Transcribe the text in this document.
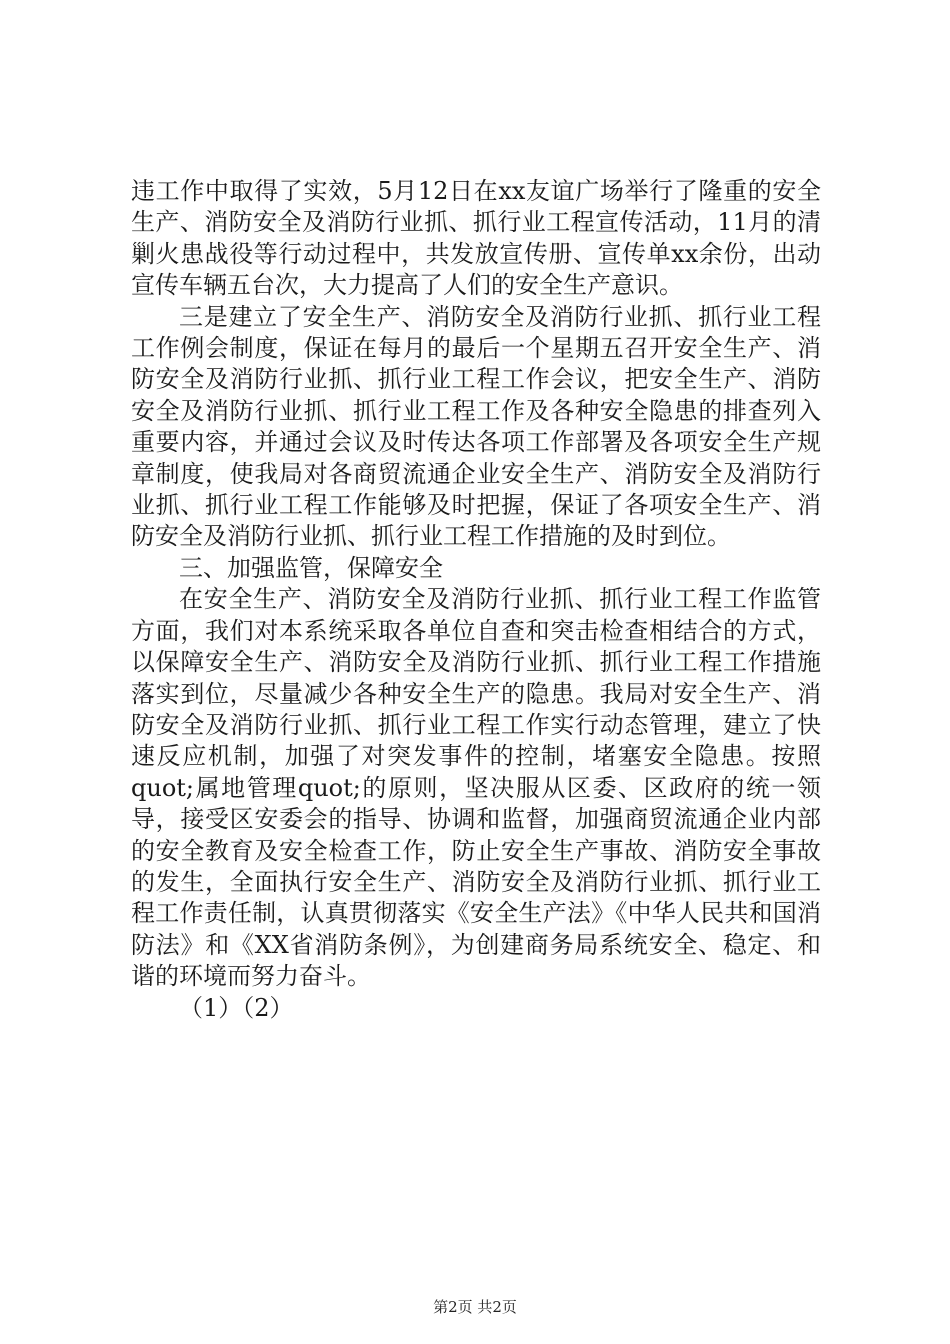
违工作中取得了实效，5月12日在xx友谊广场举行了隆重的安全生产、消防安全及消防行业抓、抓行业工程宣传活动，11月的清剿火患战役等行动过程中，共发放宣传册、宣传单xx余份，出动宣传车辆五台次，大力提高了人们的安全生产意识。

三是建立了安全生产、消防安全及消防行业抓、抓行业工程工作例会制度，保证在每月的最后一个星期五召开安全生产、消防安全及消防行业抓、抓行业工程工作会议，把安全生产、消防安全及消防行业抓、抓行业工程工作及各种安全隐患的排查列入重要内容，并通过会议及时传达各项工作部署及各项安全生产规章制度，使我局对各商贸流通企业安全生产、消防安全及消防行业抓、抓行业工程工作能够及时把握，保证了各项安全生产、消防安全及消防行业抓、抓行业工程工作措施的及时到位。

三、加强监管，保障安全

在安全生产、消防安全及消防行业抓、抓行业工程工作监管方面，我们对本系统采取各单位自查和突击检查相结合的方式，以保障安全生产、消防安全及消防行业抓、抓行业工程工作措施落实到位，尽量减少各种安全生产的隐患。我局对安全生产、消防安全及消防行业抓、抓行业工程工作实行动态管理，建立了快速反应机制，加强了对突发事件的控制，堵塞安全隐患。按照quot;属地管理quot;的原则，坚决服从区委、区政府的统一领导，接受区安委会的指导、协调和监督，加强商贸流通企业内部的安全教育及安全检查工作，防止安全生产事故、消防安全事故的发生，全面执行安全生产、消防安全及消防行业抓、抓行业工程工作责任制，认真贯彻落实《安全生产法》《中华人民共和国消防法》和《XX省消防条例》，为创建商务局系统安全、稳定、和谐的环境而努力奋斗。

（1）（2）

第2页 共2页
